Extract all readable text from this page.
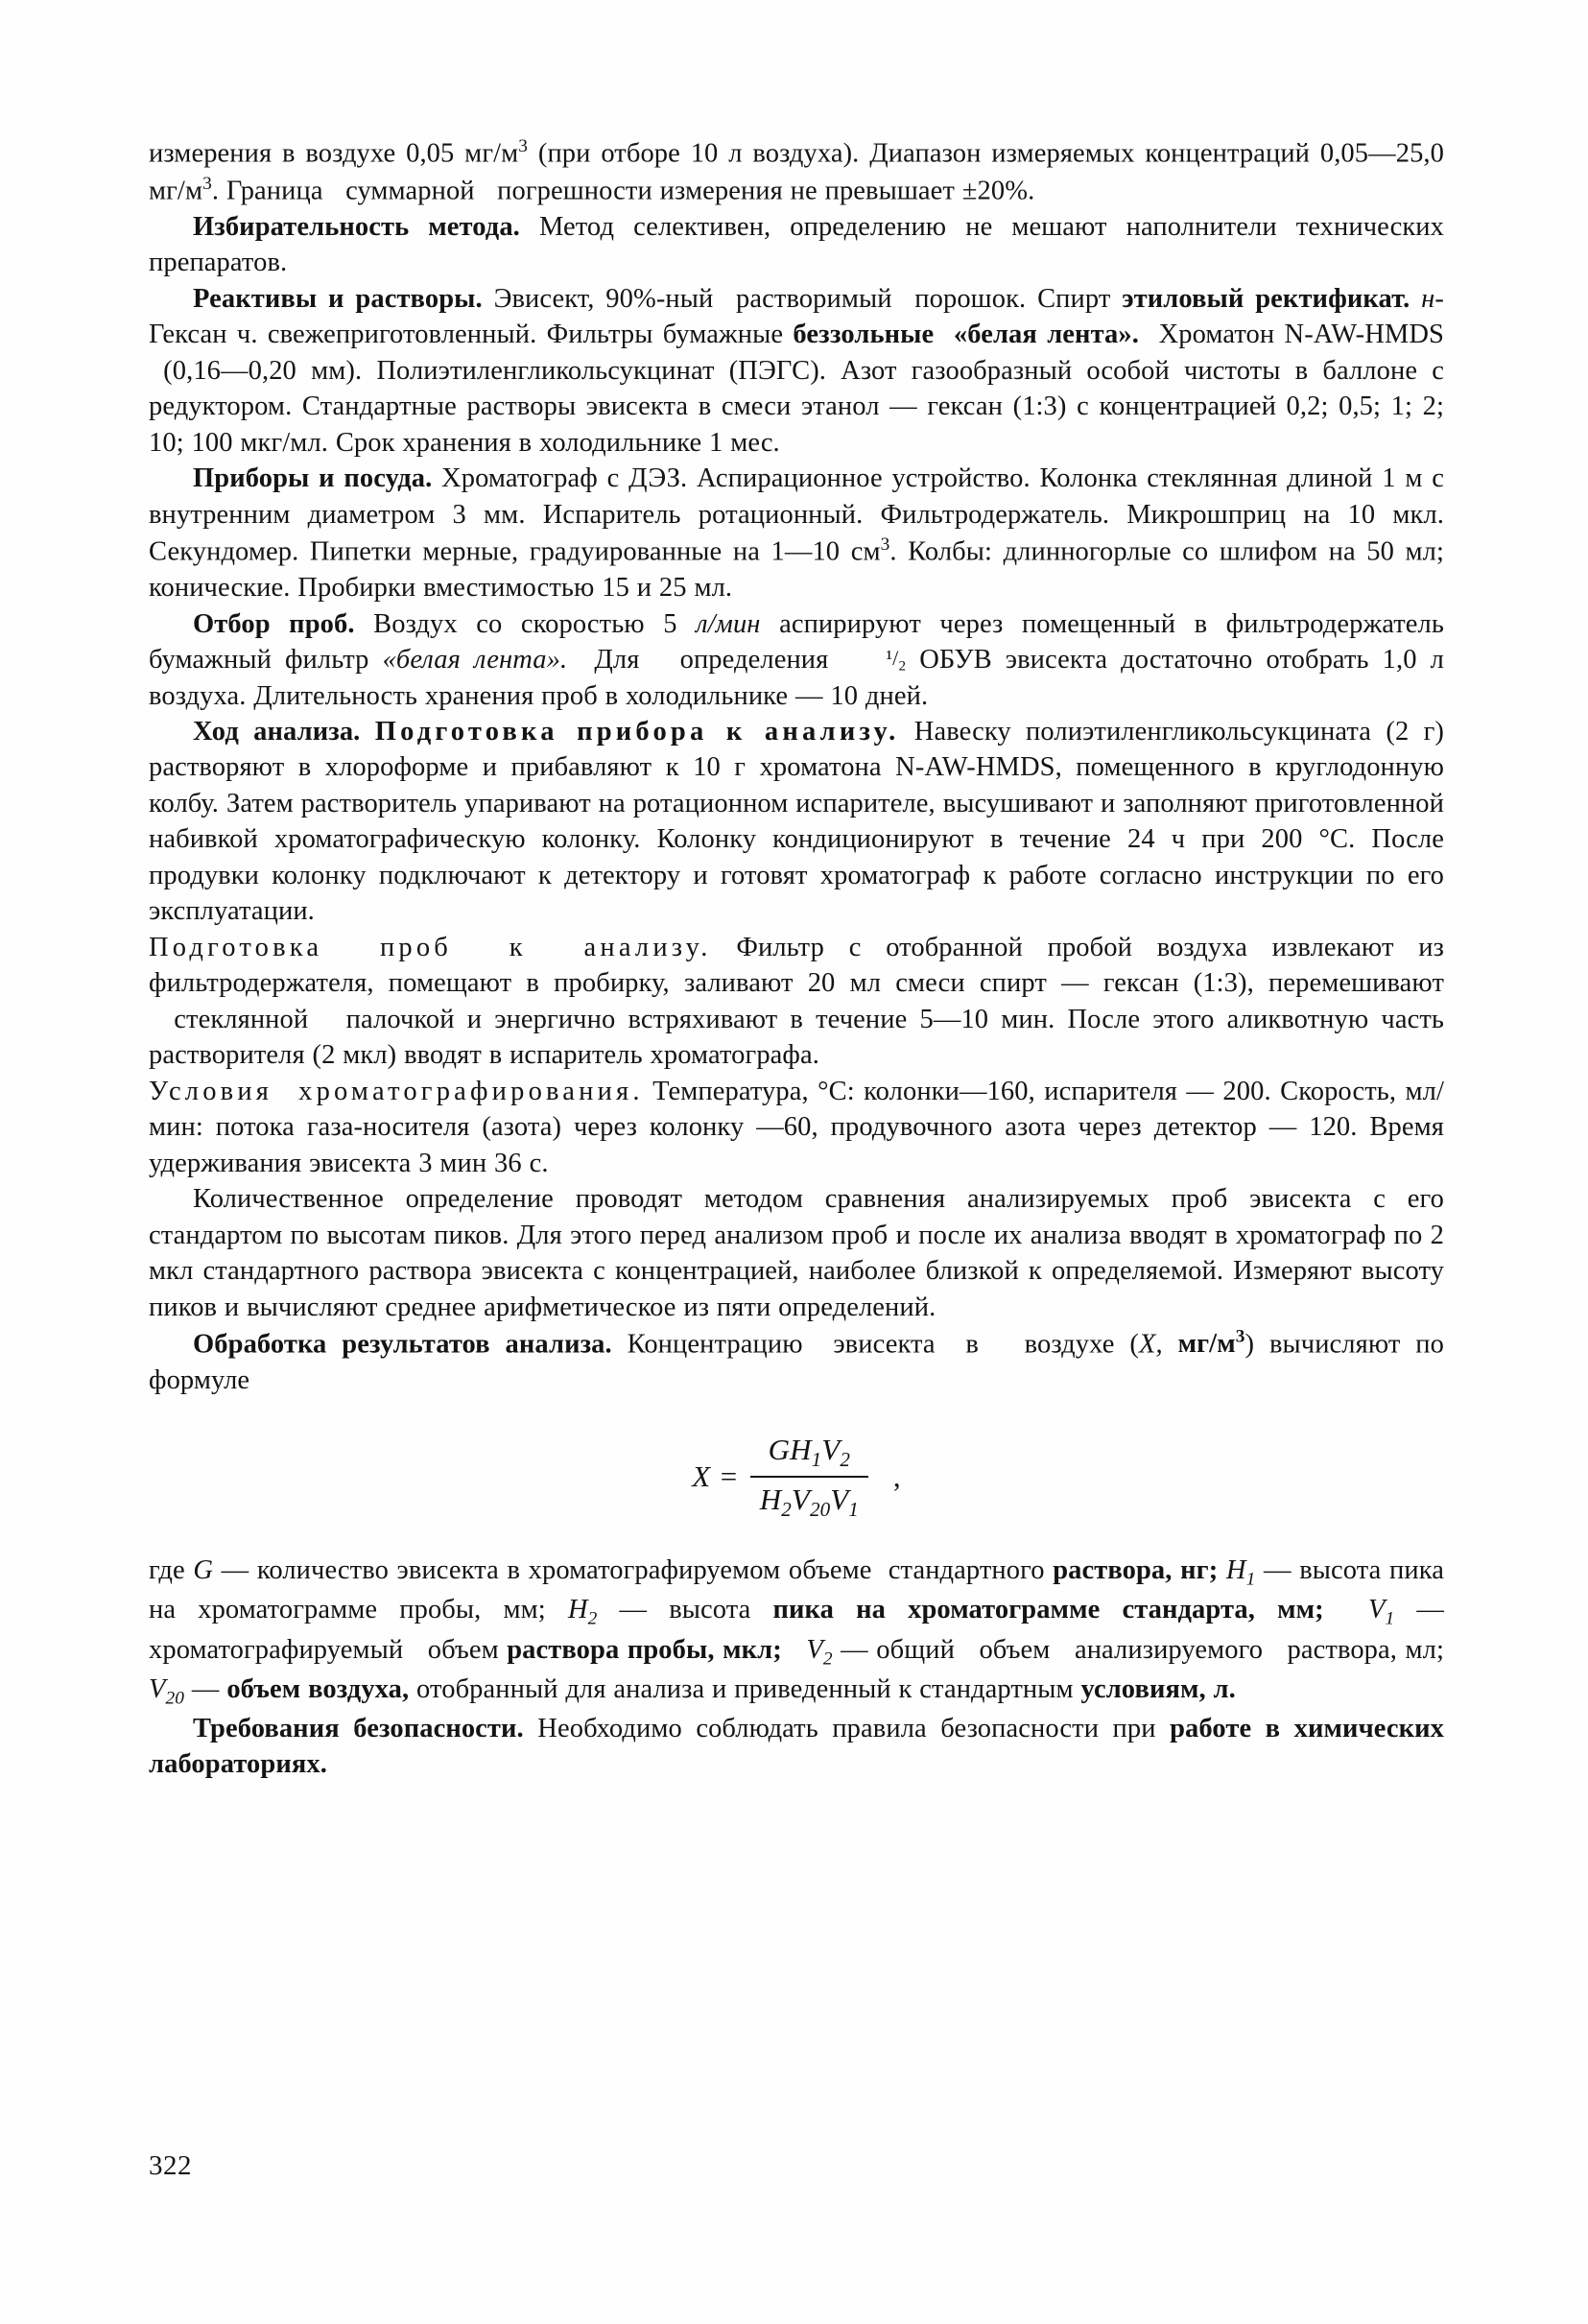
измерения в воздухе 0,05 $мг/м^3$ (при отборе 10 л воздуха). Диапазон измеряемых концентраций 0,05—25,0 $мг/м^3$. Граница   суммарной   погрешности измерения не превышает ±20%.

Избирательность метода. Метод селективен, определению не мешают наполнители технических препаратов.

Реактивы и растворы. Эвисект, 90%-ный  растворимый  порошок. Спирт этиловый ректификат. н-Гексан ч. свежеприготовленный. Фильтры бумажные беззольные  «белая лента».  Хроматон N-AW-HMDS  (0,16—0,20 мм). Полиэтиленгликольсукцинат (ПЭГС). Азот газообразный особой чистоты в баллоне с редуктором. Стандартные растворы эвисекта в смеси этанол — гексан (1:3) с концентрацией 0,2; 0,5; 1; 2; 10; 100 мкг/мл. Срок хранения в холодильнике 1 мес.

Приборы и посуда. Хроматограф с ДЭЗ. Аспирационное устройство. Колонка стеклянная длиной 1 м с внутренним диаметром 3 мм. Испаритель ротационный. Фильтродержатель. Микрошприц на 10 мкл. Секундомер. Пипетки мерные, градуированные на 1—10 $см^3$. Колбы: длинногорлые со шлифом на 50 мл; конические. Пробирки вместимостью 15 и 25 мл.

Отбор проб. Воздух со скоростью 5 л/мин аспирируют через помещенный в фильтродержатель бумажный фильтр «белая лента».  Для   определения $^1/_2$ ОБУВ эвисекта достаточно отобрать 1,0 л воздуха. Длительность хранения проб в холодильнике — 10 дней.

Ход анализа. Подготовка прибора к анализу. Навеску полиэтиленгликольсукцината (2 г) растворяют в хлороформе и прибавляют к 10 г хроматона N-AW-HMDS, помещенного в круглодонную колбу. Затем растворитель упаривают на ротационном испарителе, высушивают и заполняют приготовленной набивкой хроматографическую колонку. Колонку кондиционируют в течение 24 ч при 200 °С. После продувки колонку подключают к детектору и готовят хроматограф к работе согласно инструкции по его эксплуатации.

Подготовка  проб  к  анализу. Фильтр с отобранной пробой воздуха извлекают из фильтродержателя, помещают в пробирку, заливают 20 мл смеси спирт — гексан (1:3), перемешивают   стеклянной   палочкой и энергично встряхивают в течение 5—10 мин. После этого аликвотную часть растворителя (2 мкл) вводят в испаритель хроматографа.

Условия  хроматографирования. Температура, °С: колонки—160, испарителя — 200. Скорость, мл/мин: потока газа-носителя (азота) через колонку —60, продувочного азота через детектор — 120. Время удерживания эвисекта 3 мин 36 с.

Количественное определение проводят методом сравнения анализируемых проб эвисекта с его стандартом по высотам пиков. Для этого перед анализом проб и после их анализа вводят в хроматограф по 2 мкл стандартного раствора эвисекта с концентрацией, наиболее близкой к определяемой. Измеряют высоту пиков и вычисляют среднее арифметическое из пяти определений.

Обработка результатов анализа. Концентрацию  эвисекта  в   воздухе (X, $мг/м^3$) вычисляют по формуле

$X = \frac{GH_1V_2}{H_2V_{20}V_1}$ ,

где G — количество эвисекта в хроматографируемом объеме  стандартного раствора, нг; $H_1$ — высота пика на хроматограмме пробы, мм; $H_2$ — высота пика на хроматограмме стандарта, мм; $V_1$ — хроматографируемый   объем раствора пробы, мкл; $V_2$ — общий   объем   анализируемого   раствора, мл; $V_{20}$ — объем воздуха, отобранный для анализа и приведенный к стандартным условиям, л.

Требования безопасности. Необходимо соблюдать правила безопасности при работе в химических лабораториях.

322
